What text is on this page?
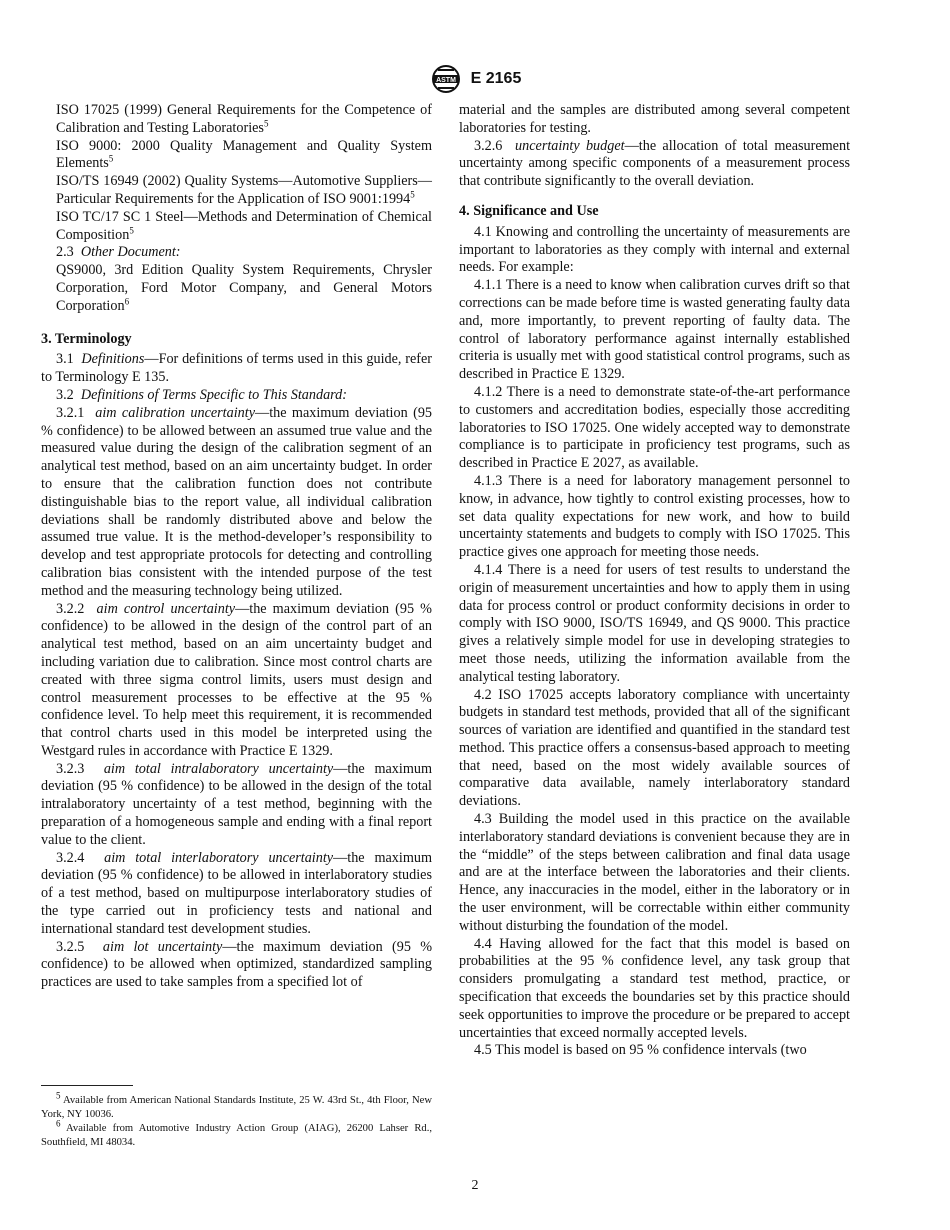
ASTM E 2165

ISO 17025 (1999) General Requirements for the Competence of Calibration and Testing Laboratories$^5$

ISO 9000: 2000 Quality Management and Quality System Elements$^5$

ISO/TS 16949 (2002) Quality Systems—Automotive Suppliers—Particular Requirements for the Application of ISO 9001:1994$^5$

ISO TC/17 SC 1 Steel—Methods and Determination of Chemical Composition$^5$

2.3 Other Document:

QS9000, 3rd Edition Quality System Requirements, Chrysler Corporation, Ford Motor Company, and General Motors Corporation$^6$

3. Terminology

3.1 Definitions—For definitions of terms used in this guide, refer to Terminology E 135.

3.2 Definitions of Terms Specific to This Standard:

3.2.1 aim calibration uncertainty—the maximum deviation (95 % confidence) to be allowed between an assumed true value and the measured value during the design of the calibration segment of an analytical test method, based on an aim uncertainty budget. In order to ensure that the calibration function does not contribute distinguishable bias to the report value, all individual calibration deviations shall be randomly distributed above and below the assumed true value. It is the method-developer’s responsibility to develop and test appropriate protocols for detecting and controlling calibration bias consistent with the intended purpose of the test method and the measuring technology being utilized.

3.2.2 aim control uncertainty—the maximum deviation (95 % confidence) to be allowed in the design of the control part of an analytical test method, based on an aim uncertainty budget and including variation due to calibration. Since most control charts are created with three sigma control limits, users must design and control measurement processes to be effective at the 95 % confidence level. To help meet this requirement, it is recommended that control charts used in this model be interpreted using the Westgard rules in accordance with Practice E 1329.

3.2.3 aim total intralaboratory uncertainty—the maximum deviation (95 % confidence) to be allowed in the design of the total intralaboratory uncertainty of a test method, beginning with the preparation of a homogeneous sample and ending with a final report value to the client.

3.2.4 aim total interlaboratory uncertainty—the maximum deviation (95 % confidence) to be allowed in interlaboratory studies of a test method, based on multipurpose interlaboratory studies of the type carried out in proficiency tests and national and international standard test development studies.

3.2.5 aim lot uncertainty—the maximum deviation (95 % confidence) to be allowed when optimized, standardized sampling practices are used to take samples from a specified lot of

material and the samples are distributed among several competent laboratories for testing.

3.2.6 uncertainty budget—the allocation of total measurement uncertainty among specific components of a measurement process that contribute significantly to the overall deviation.

4. Significance and Use

4.1 Knowing and controlling the uncertainty of measurements are important to laboratories as they comply with internal and external needs. For example:

4.1.1 There is a need to know when calibration curves drift so that corrections can be made before time is wasted generating faulty data and, more importantly, to prevent reporting of faulty data. The control of laboratory performance against internally established criteria is usually met with good statistical control programs, such as described in Practice E 1329.

4.1.2 There is a need to demonstrate state-of-the-art performance to customers and accreditation bodies, especially those accrediting laboratories to ISO 17025. One widely accepted way to demonstrate compliance is to participate in proficiency test programs, such as described in Practice E 2027, as available.

4.1.3 There is a need for laboratory management personnel to know, in advance, how tightly to control existing processes, how to set data quality expectations for new work, and how to build uncertainty statements and budgets to comply with ISO 17025. This practice gives one approach for meeting those needs.

4.1.4 There is a need for users of test results to understand the origin of measurement uncertainties and how to apply them in using data for process control or product conformity decisions in order to comply with ISO 9000, ISO/TS 16949, and QS 9000. This practice gives a relatively simple model for use in developing strategies to meet those needs, utilizing the information available from the analytical testing laboratory.

4.2 ISO 17025 accepts laboratory compliance with uncertainty budgets in standard test methods, provided that all of the significant sources of variation are identified and quantified in the standard test method. This practice offers a consensus-based approach to meeting that need, based on the most widely available sources of comparative data available, namely interlaboratory standard deviations.

4.3 Building the model used in this practice on the available interlaboratory standard deviations is convenient because they are in the “middle” of the steps between calibration and final data usage and are at the interface between the laboratories and their clients. Hence, any inaccuracies in the model, either in the laboratory or in the user environment, will be correctable within either community without disturbing the foundation of the model.

4.4 Having allowed for the fact that this model is based on probabilities at the 95 % confidence level, any task group that considers promulgating a standard test method, practice, or specification that exceeds the boundaries set by this practice should seek opportunities to improve the procedure or be prepared to accept uncertainties that exceed normally accepted levels.

4.5 This model is based on 95 % confidence intervals (two

$^5$ Available from American National Standards Institute, 25 W. 43rd St., 4th Floor, New York, NY 10036.

$^6$ Available from Automotive Industry Action Group (AIAG), 26200 Lahser Rd., Southfield, MI 48034.

2
